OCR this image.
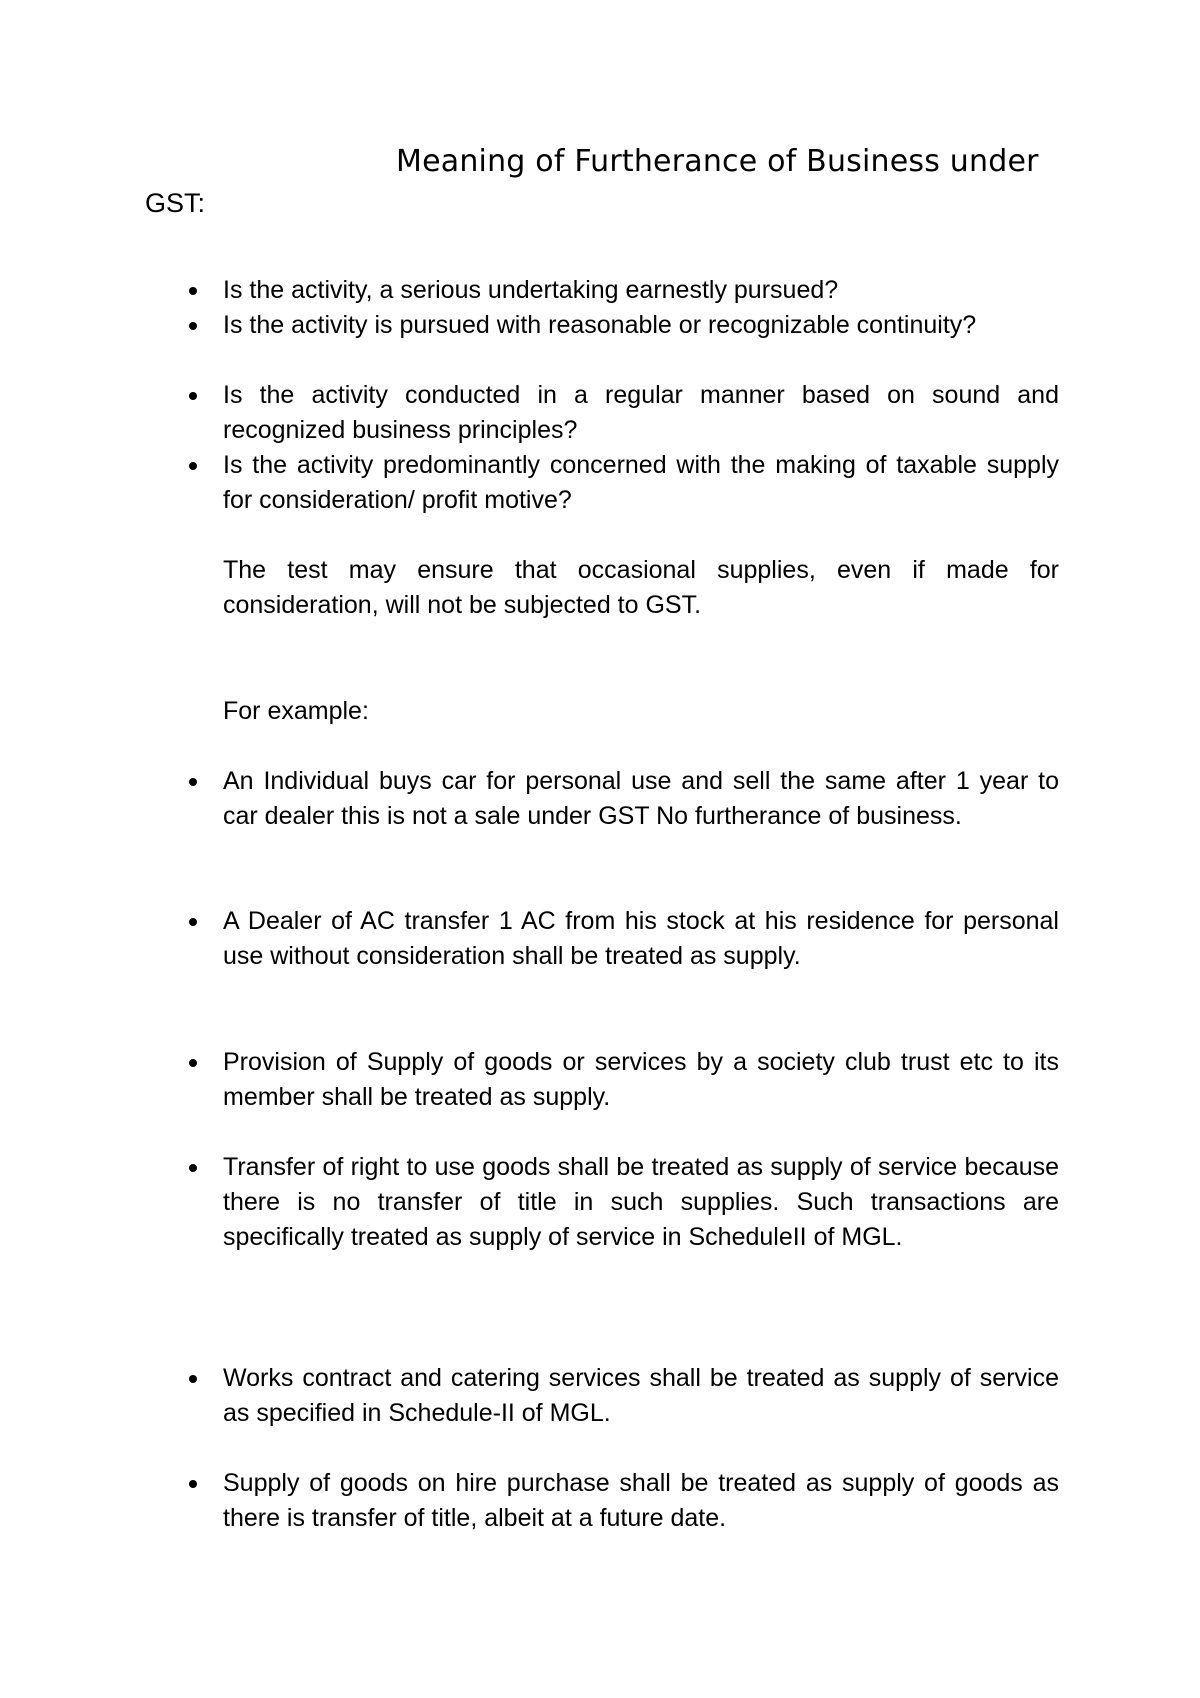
Meaning of Furtherance of Business under
GST:
Is the activity, a serious undertaking earnestly pursued?
Is the activity is pursued with reasonable or recognizable continuity?
Is the activity conducted in a regular manner based on sound and recognized business principles?
Is the activity predominantly concerned with the making of taxable supply for consideration/ profit motive?
The test may ensure that occasional supplies, even if made for consideration, will not be subjected to GST.
For example:
An Individual buys car for personal use and sell the same after 1 year to car dealer this is not a sale under GST No furtherance of business.
A Dealer of AC transfer 1 AC from his stock at his residence for personal use without consideration shall be treated as supply.
Provision of Supply of goods or services by a society club trust etc to its member shall be treated as supply.
Transfer of right to use goods shall be treated as supply of service because there is no transfer of title in such supplies. Such transactions are specifically treated as supply of service in ScheduleII of MGL.
Works contract and catering services shall be treated as supply of service as specified in Schedule-II of MGL.
Supply of goods on hire purchase shall be treated as supply of goods as there is transfer of title, albeit at a future date.
